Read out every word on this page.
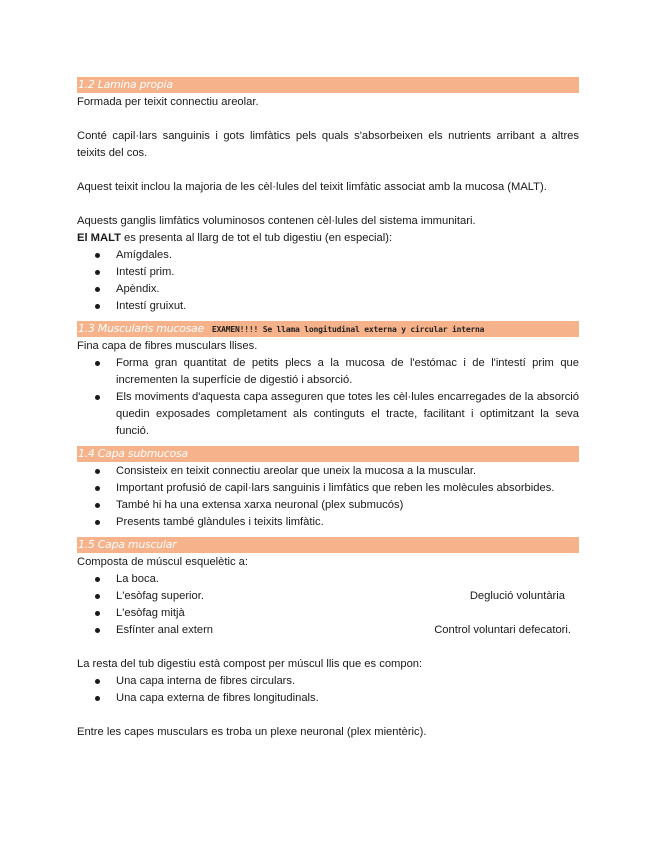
1.2 Lamina propia

Formada per teixit connectiu areolar.

Conté capil·lars sanguinis i gots limfàtics pels quals s'absorbeixen els nutrients arribant a altres teixits del cos.

Aquest teixit inclou la majoria de les cèl·lules del teixit limfàtic associat amb la mucosa (MALT).

Aquests ganglis limfàtics voluminosos contenen cèl·lules del sistema immunitari.

El MALT es presenta al llarg de tot el tub digestiu (en especial):

Amígdales.
Intestí prim.
Apèndix.
Intestí gruixut.
1.3 Muscularis mucosae EXAMEN!!!! Se llama longitudinal externa y circular interna

Fina capa de fibres musculars llises.

Forma gran quantitat de petits plecs a la mucosa de l'estómac i de l'intestí prim que incrementen la superfície de digestió i absorció.
Els moviments d'aquesta capa asseguren que totes les cèl·lules encarregades de la absorció quedin exposades completament als continguts el tracte, facilitant i optimitzant la seva funció.
1.4 Capa submucosa
Consisteix en teixit connectiu areolar que uneix la mucosa a la muscular.
Important profusió de capil·lars sanguinis i limfàtics que reben les molècules absorbides.
També hi ha una extensa xarxa neuronal (plex submucós)
Presents també glàndules i teixits limfàtic.
1.5 Capa muscular

Composta de múscul esquelètic a:

La boca.
L'esòfag superior.	Deglució voluntària
L'esòfag mitjà
Esfínter anal extern	Control voluntari defecatori.

La resta del tub digestiu està compost per múscul llis que es compon:

Una capa interna de fibres circulars.
Una capa externa de fibres longitudinals.

Entre les capes musculars es troba un plexe neuronal (plex mientèric).
